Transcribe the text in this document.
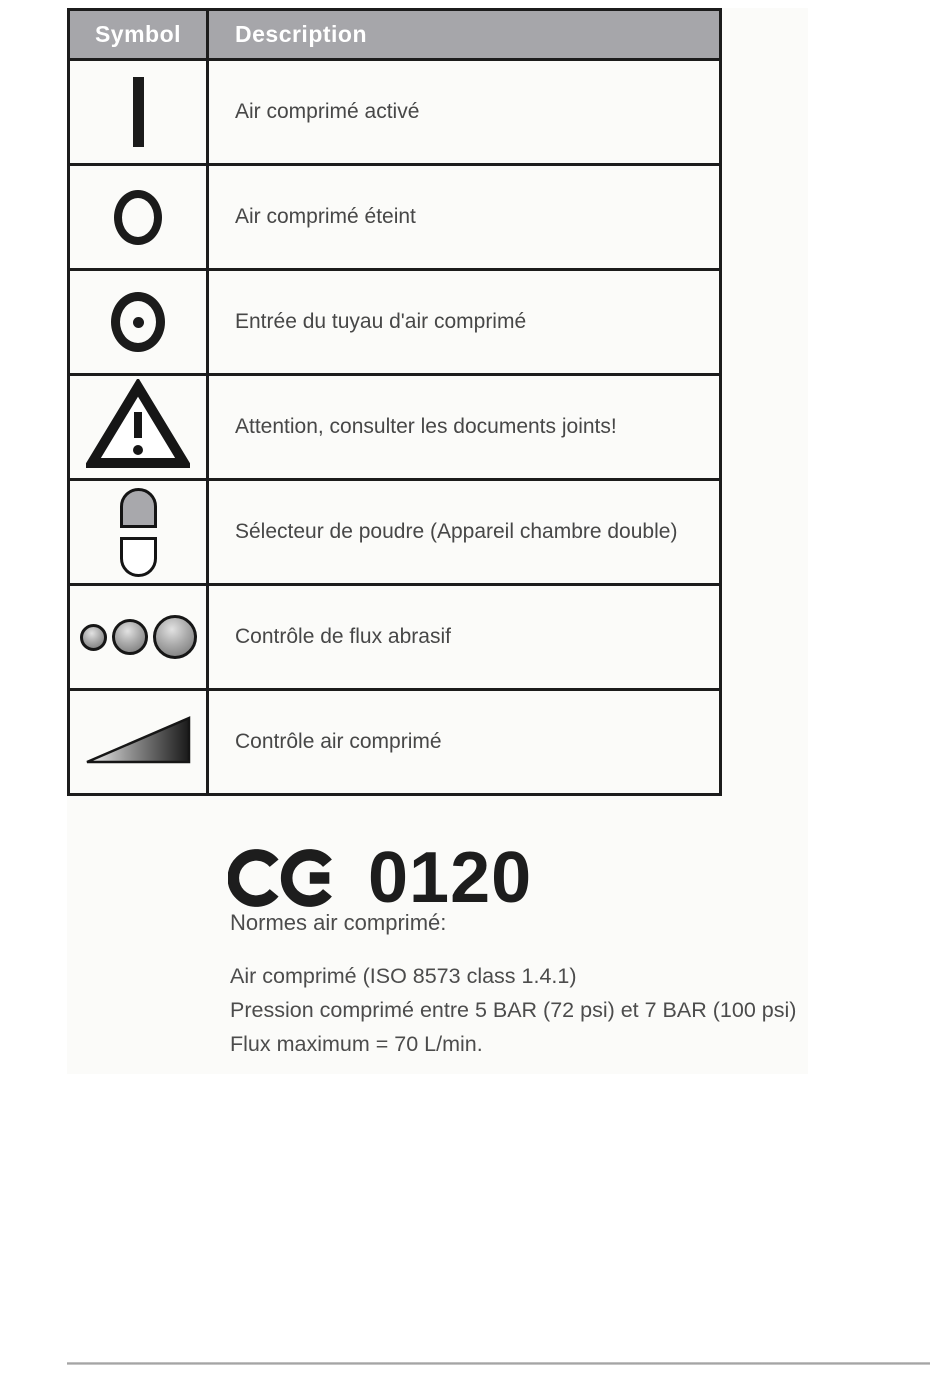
Symbol	Description

	Air comprimé activé

	Air comprimé éteint

	Entrée du tuyau d'air comprimé
	Attention, consulter les documents joints!

	Sélecteur de poudre (Appareil chambre double)

	Contrôle de flux abrasif
	Contrôle air comprimé
0120
Normes air comprimé:
Air comprimé (ISO 8573 class 1.4.1)
Pression comprimé entre 5 BAR (72 psi) et 7 BAR (100 psi)
Flux maximum = 70 L/min.
